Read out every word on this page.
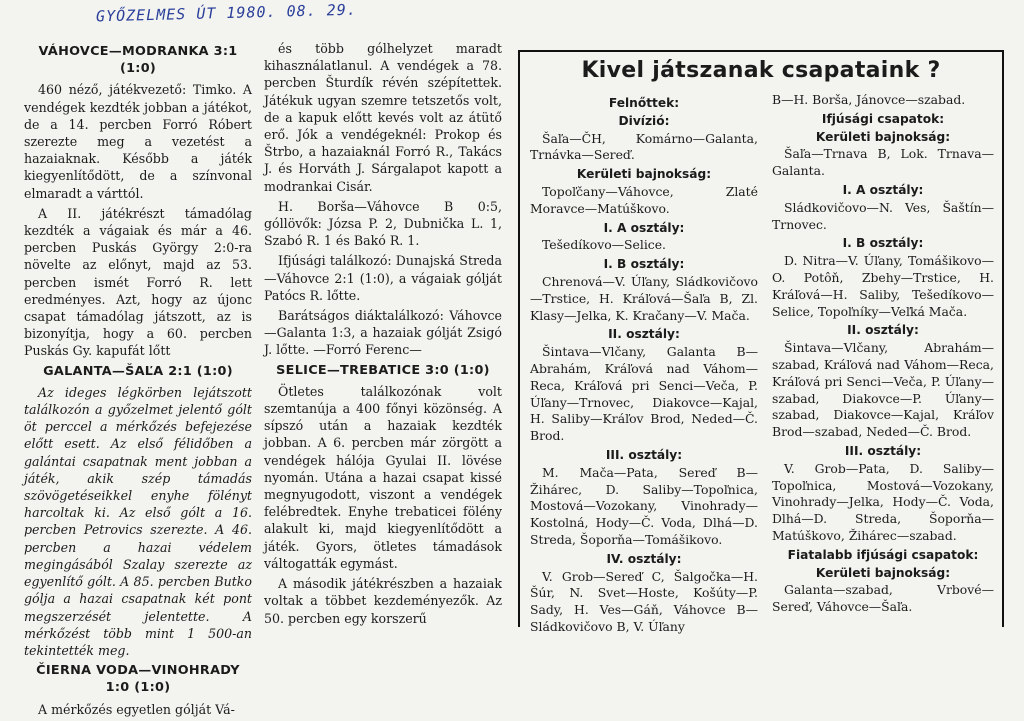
GYŐZELMES ÚT 1980. 08. 29.
VÁHOVCE—MODRANKA 3:1 (1:0)

460 néző, játékvezető: Timko. A vendégek kezdték jobban a játékot, de a 14. percben Forró Róbert szerezte meg a vezetést a hazaiaknak. Később a játék kiegyenlítődött, de a színvonal elmaradt a várttól.

A II. játékrészt támadólag kezdték a vágaiak és már a 46. percben Puskás György 2:0-ra növelte az előnyt, majd az 53. percben ismét Forró R. lett eredményes. Azt, hogy az újonc csapat támadólag játszott, az is bizonyítja, hogy a 60. percben Puskás Gy. kapufát lőtt

GALANTA—ŠAĽA 2:1 (1:0)

Az ideges légkörben lejátszott találkozón a győzelmet jelentő gólt öt perccel a mérkőzés befejezése előtt esett. Az első félidőben a galántai csapatnak ment jobban a játék, akik szép támadás szövögetéseikkel enyhe fölényt harcoltak ki. Az első gólt a 16. percben Petrovics szerezte. A 46. percben a hazai védelem megingásából Szalay szerezte az egyenlítő gólt. A 85. percben Butko gólja a hazai csapatnak két pont megszerzését jelentette. A mérkőzést több mint 1 500-an tekintették meg.

ČIERNA VODA—VINOHRADY 1:0 (1:0)

A mérkőzés egyetlen gólját Vá-

és több gólhelyzet maradt kihasználatlanul. A vendégek a 78. percben Šturdík révén szépítettek. Játékuk ugyan szemre tetszetős volt, de a kapuk előtt kevés volt az átütő erő. Jók a vendégeknél: Prokop és Štrbo, a hazaiaknál Forró R., Takács J. és Horváth J. Sárgalapot kapott a modrankai Cisár.

H. Borša—Váhovce B 0:5, góllövők: Józsa P. 2, Dubnička L. 1, Szabó R. 1 és Bakó R. 1.

Ifjúsági találkozó: Dunajská Streda—Váhovce 2:1 (1:0), a vágaiak gólját Patócs R. lőtte.

Barátságos diáktalálkozó: Váhovce—Galanta 1:3, a hazaiak gólját Zsigó J. lőtte. —Forró Ferenc—

SELICE—TREBATICE 3:0 (1:0)

Ötletes találkozónak volt szemtanúja a 400 főnyi közönség. A sípszó után a hazaiak kezdték jobban. A 6. percben már zörgött a vendégek hálója Gyulai II. lövése nyomán. Utána a hazai csapat kissé megnyugodott, viszont a vendégek felébredtek. Enyhe trebaticei fölény alakult ki, majd kiegyenlítődött a játék. Gyors, ötletes támadások váltogatták egymást.

A második játékrészben a hazaiak voltak a többet kezdeményezők. Az 50. percben egy korszerű

Kivel játszanak csapataink ?
Felnőttek:
Divízió:
Šaľa—ČH, Komárno—Galanta, Trnávka—Sereď.
Kerületi bajnokság:
Topoľčany—Váhovce, Zlaté Moravce—Matúškovo.
I. A osztály:
Tešedíkovo—Selice.
I. B osztály:
Chrenová—V. Úľany, Sládkovičovo—Trstice, H. Kráľová—Šaľa B, Zl. Klasy—Jelka, K. Kračany—V. Mača.
II. osztály:
Šintava—Vlčany, Galanta B—Abrahám, Kráľová nad Váhom—Reca, Kráľová pri Senci—Veča, P. Úľany—Trnovec, Diakovce—Kajal, H. Saliby—Kráľov Brod, Neded—Č. Brod.
III. osztály:
M. Mača—Pata, Sereď B—Žihárec, D. Saliby—Topoľnica, Mostová—Vozokany, Vinohrady—Kostolná, Hody—Č. Voda, Dlhá—D. Streda, Šoporňa—Tomášikovo.
IV. osztály:
V. Grob—Sereď C, Šalgočka—H. Šúr, N. Svet—Hoste, Košúty—P. Sady, H. Ves—Gáň, Váhovce B—Sládkovičovo B, V. Úľany
B—H. Borša, Jánovce—szabad.
Ifjúsági csapatok:
Kerületi bajnokság:
Šaľa—Trnava B, Lok. Trnava—Galanta.
I. A osztály:
Sládkovičovo—N. Ves, Šaštín—Trnovec.
I. B osztály:
D. Nitra—V. Úľany, Tomášikovo—O. Potôň, Zbehy—Trstice, H. Kráľová—H. Saliby, Tešedíkovo—Selice, Topoľníky—Veľká Mača.
II. osztály:
Šintava—Vlčany, Abrahám—szabad, Kráľová nad Váhom—Reca, Kráľová pri Senci—Veča, P. Úľany—szabad, Diakovce—P. Úľany—szabad, Diakovce—Kajal, Kráľov Brod—szabad, Neded—Č. Brod.
III. osztály:
V. Grob—Pata, D. Saliby—Topoľnica, Mostová—Vozokany, Vinohrady—Jelka, Hody—Č. Voda, Dlhá—D. Streda, Šoporňa—Matúškovo, Žihárec—szabad.
Fiatalabb ifjúsági csapatok:
Kerületi bajnokság:
Galanta—szabad, Vrbové—Sereď, Váhovce—Šaľa.
